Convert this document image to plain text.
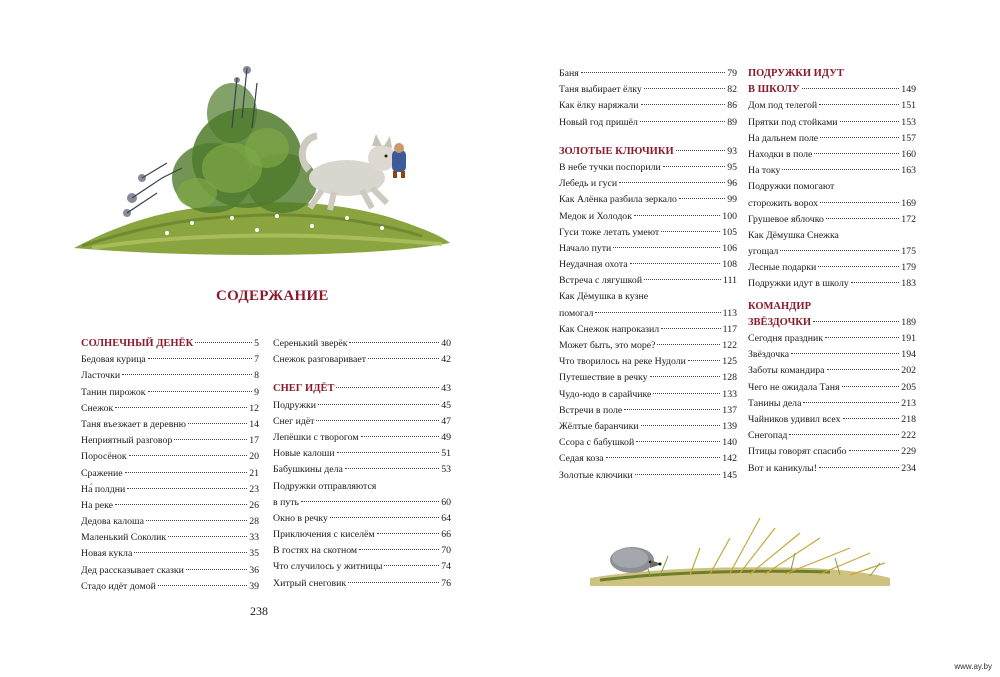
СОДЕРЖАНИЕ
СОЛНЕЧНЫЙ ДЕНЁК	5
Бедовая курица	7
Ласточки	8
Танин пирожок	9
Снежок	12
Таня въезжает в деревню	14
Неприятный разговор	17
Поросёнок	20
Сражение	21
На́ полдни	23
На реке	26
Дедова калоша	28
Маленький Соколик	33
Новая кукла	35
Дед рассказывает сказки	36
Стадо идёт домой	39
Серенький зверёк	40
Снежок разговаривает	42
СНЕГ ИДЁТ	43
Подружки	45
Снег идёт	47
Лепёшки с творогом	49
Новые калоши	51
Бабушкины дела	53
Подружки отправляются
в путь	60
Окно в речку	64
Приключения с киселём	66
В гостях на скотном	70
Что случилось у житницы	74
Хитрый снеговик	76
238
Баня	79
Таня выбирает ёлку	82
Как ёлку наряжали	86
Новый год пришёл	89
ЗОЛОТЫЕ КЛЮЧИКИ	93
В небе тучки поспорили	95
Лебедь и гуси	96
Как Алёнка разбила зеркало	99
Медок и Холодок	100
Гуси тоже летать умеют	105
Начало пути	106
Неудачная охота	108
Встреча с лягушкой	111
Как Дёмушка в кузне
помогал	113
Как Снежок напроказил	117
Может быть, это море?	122
Что творилось на реке Нудоли	125
Путешествие в речку	128
Чудо-юдо в сарайчике	133
Встречи в поле	137
Жёлтые баранчики	139
Ссора с бабушкой	140
Седая коза	142
Золотые ключики	145
ПОДРУЖКИ ИДУТ
В ШКОЛУ	149
Дом под телегой	151
Прятки под стойками	153
На дальнем поле	157
Находки в поле	160
На току	163
Подружки помогают
сторожить ворох	169
Грушевое яблочко	172
Как Дёмушка Снежка
угощал	175
Лесные подарки	179
Подружки идут в школу	183
КОМАНДИР
ЗВЁЗДОЧКИ	189
Сегодня праздник	191
Звёздочка	194
Заботы командира	202
Чего не ожидала Таня	205
Танины дела	213
Чайников удивил всех	218
Снегопад	222
Птицы говорят спасибо	229
Вот и каникулы!	234
www.ay.by
